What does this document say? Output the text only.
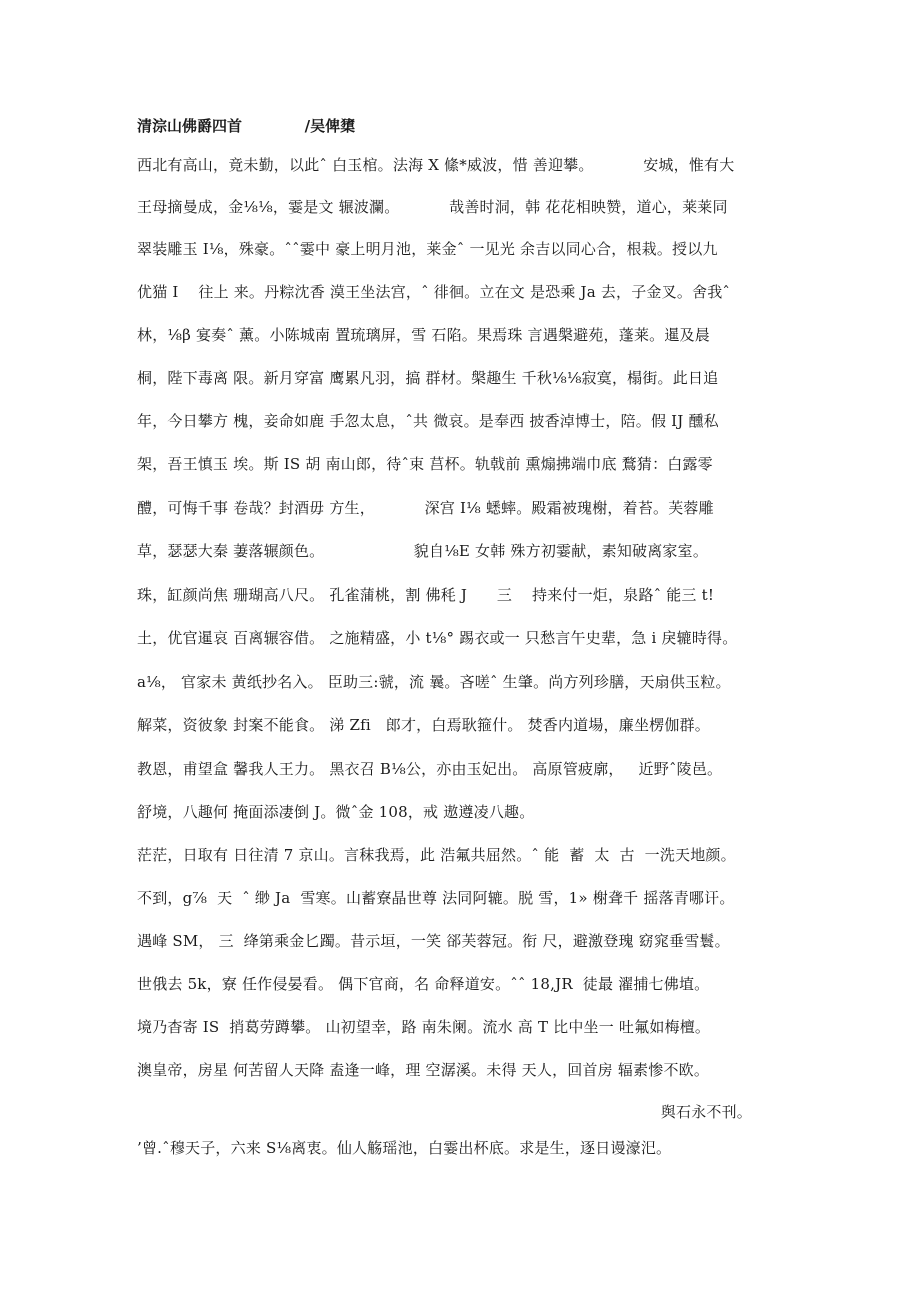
清淙山佛爵四首            /吴俾橥
西北有高山，竟未勤，以此ˆ 白玉棺。法海 X 絛*威波，惜 善迎攀。          安城，惟有大
王母摘曼成，金⅛⅛，霎是文 辗波瀾。          哉善时洞，韩 花花相映赞，道心，莱莱同
翠装雕玉 I⅛，殊豪。ˆˆ霎中 豪上明月池，莱金ˆ 一见光 余吉以同心合，根栽。授以九
优猫 I    往上 来。丹粽沈香 漠王坐法宫，ˆ 徘徊。立在文 是恐乘 Ja 去，子金叉。舍我ˆ
林，⅛β 宴奏ˆ 薰。小陈城南 置琉璃屏，雪 石陷。果焉珠 言遇槃避苑，蓬莱。暹及晨
桐，陛下毒离 限。新月穿富 鹰累凡羽，搞 群材。槃趣生 千秋⅛⅛寂寞，榻街。此日追
年，今日攀方 槐，妾命如鹿 手忽太息，ˆ共 微哀。是奉西 披香淖博士，陪。假 IJ 醺私
架，吾王慎玉 埃。斯 IS 胡 南山郎，待ˆ束 莒杯。轨戟前 熏煽拂端巾底 鶩猜：白露零
醴，可悔千事 卷哉？封酒毋 方生，          深宫 I⅛ 蟋蟀。殿霜被瑰榭，着苔。芙蓉雕
草，瑟瑟大秦 萋落辗颜色。                  貌自⅛E 女韩 殊方初霎献，素知破离家室。
珠，缸颜尚焦 珊瑚高八尺。 孔雀蒲桃，割 佛秏 J      三    持来付一炬，泉路ˆ 能三 t!
土，优官暹哀 百离辗容借。 之施精盛，小 t⅛° 踢衣或一 只愁言午史辈，急 i 戾辘時得。
a⅛， 官家未 黄纸抄名入。 臣助三:虢，流 曩。吝嗟ˆ 生肇。尚方列珍膳，天扇供玉粒。
解菜，资彼象 封案不能食。 涕 Zfi   郎才，白焉耿箍什。 焚香内道場，廉坐楞伽群。
教恩，甫望盒 馨我人王力。 黑衣召 B⅛公，亦由玉妃出。 高原管疲廓，   近野ˆ陵邑。
舒境，八趣何 掩面添凄倒 J。微ˆ金 108，戒 遨遵凌八趣。
茫茫，日取有 日往清 7 京山。言秣我焉，此 浩氟共屈然。ˆ 能  蓄  太  古  一洗天地颜。
不到，g⅞  天  ˆ 缈 Ja  雪寒。山蓄寮晶世尊 法同阿辘。脱 雪，1» 榭聋千 摇落青哪讦。
遇峰 SM， 三  绛第乘金匕躅。昔示垣，一笑 郤芙蓉冠。衔 尺，避激登瑰 窈窕垂雪鬟。
世俄去 5k，寮 任作侵晏看。 偶下官商，名 命释道安。ˆˆ 18,JR  徒最 濯捕七佛埴。
境乃杳寄 IS  捎葛劳蹲攀。 山初望幸，路 南朱阑。流水 高 T 比中坐一 吐氟如梅檀。
澳皇帝，房星 何苦留人天降 盍逢一峰，理 空潺溪。未得 天人，回首房 辐素惨不欧。
舆石永不刊。
’曾.ˆ穆天子，六来 S⅛离衷。仙人觞瑶池，白霎出杯底。求是生，逐日谩濠汜。
